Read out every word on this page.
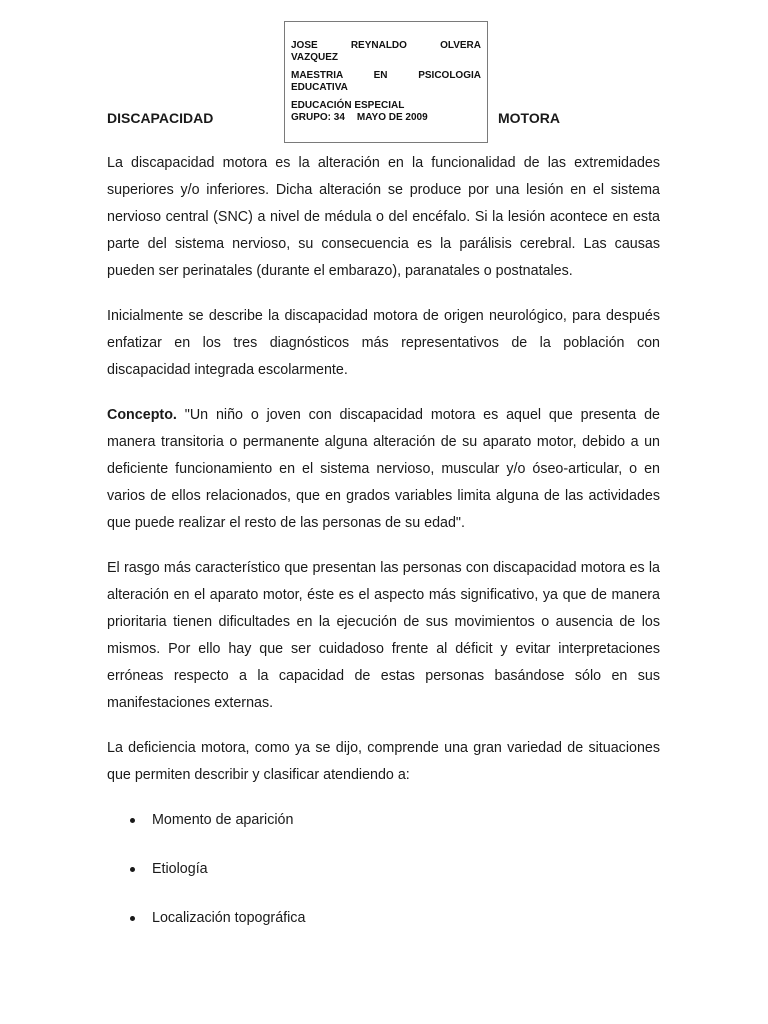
DISCAPACIDAD
JOSE REYNALDO OLVERA
VAZQUEZ
MAESTRIA EN PSICOLOGIA
EDUCATIVA
EDUCACIÓN ESPECIAL
GRUPO: 34 MAYO DE 2009	MOTORA

La discapacidad motora es la alteración en la funcionalidad de las extremidades superiores y/o inferiores. Dicha alteración se produce por una lesión en el sistema nervioso central (SNC) a nivel de médula o del encéfalo. Si la lesión acontece en esta parte del sistema nervioso, su consecuencia es la parálisis cerebral. Las causas pueden ser perinatales (durante el embarazo), paranatales o postnatales.

Inicialmente se describe la discapacidad motora de origen neurológico, para después enfatizar en los tres diagnósticos más representativos de la población con discapacidad integrada escolarmente.

Concepto. "Un niño o joven con discapacidad motora es aquel que presenta de manera transitoria o permanente alguna alteración de su aparato motor, debido a un deficiente funcionamiento en el sistema nervioso, muscular y/o óseo-articular, o en varios de ellos relacionados, que en grados variables limita alguna de las actividades que puede realizar el resto de las personas de su edad".

El rasgo más característico que presentan las personas con discapacidad motora es la alteración en el aparato motor, éste es el aspecto más significativo, ya que de manera prioritaria tienen dificultades en la ejecución de sus movimientos o ausencia de los mismos. Por ello hay que ser cuidadoso frente al déficit y evitar interpretaciones erróneas respecto a la capacidad de estas personas basándose sólo en sus manifestaciones externas.

La deficiencia motora, como ya se dijo, comprende una gran variedad de situaciones que permiten describir y clasificar atendiendo a:

Momento de aparición
Etiología
Localización topográfica
